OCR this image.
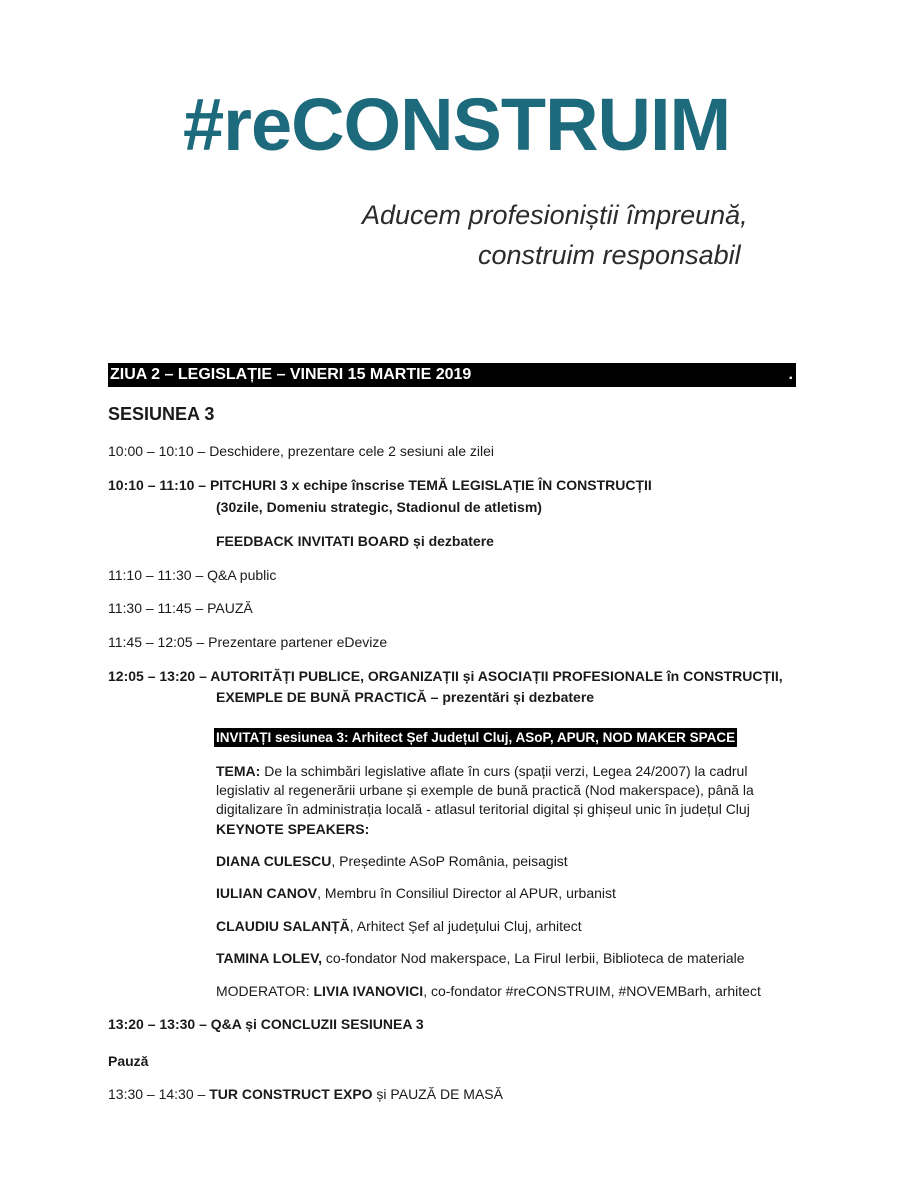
#reCONSTRUIM
Aducem profesioniștii împreună,
construim responsabil
ZIUA 2 – LEGISLAȚIE – VINERI 15 MARTIE 2019	.
SESIUNEA 3
10:00 – 10:10 – Deschidere, prezentare cele 2 sesiuni ale zilei
10:10 – 11:10 – PITCHURI 3 x echipe înscrise TEMĂ LEGISLAȚIE ÎN CONSTRUCȚII
(30zile, Domeniu strategic, Stadionul de atletism)
FEEDBACK INVITATI BOARD și dezbatere
11:10 – 11:30 – Q&A public
11:30 – 11:45 – PAUZĂ
11:45 – 12:05 – Prezentare partener eDevize
12:05 – 13:20 – AUTORITĂȚI PUBLICE, ORGANIZAȚII și ASOCIAȚII PROFESIONALE în CONSTRUCȚII,
EXEMPLE DE BUNĂ PRACTICĂ – prezentări și dezbatere
INVITAȚI sesiunea 3: Arhitect Șef Județul Cluj, ASoP, APUR, NOD MAKER SPACE
TEMA: De la schimbări legislative aflate în curs (spații verzi, Legea 24/2007) la cadrul
legislativ al regenerării urbane și exemple de bună practică (Nod makerspace), până la
digitalizare în administrația locală - atlasul teritorial digital și ghișeul unic în județul Cluj
KEYNOTE SPEAKERS:
DIANA CULESCU, Președinte ASoP România, peisagist
IULIAN CANOV, Membru în Consiliul Director al APUR, urbanist
CLAUDIU SALANȚĂ, Arhitect Șef al județului Cluj, arhitect
TAMINA LOLEV, co-fondator Nod makerspace, La Firul Ierbii, Biblioteca de materiale
MODERATOR: LIVIA IVANOVICI, co-fondator #reCONSTRUIM, #NOVEMBarh, arhitect
13:20 – 13:30 – Q&A și CONCLUZII SESIUNEA 3
Pauză
13:30 – 14:30 – TUR CONSTRUCT EXPO și PAUZĂ DE MASĂ
